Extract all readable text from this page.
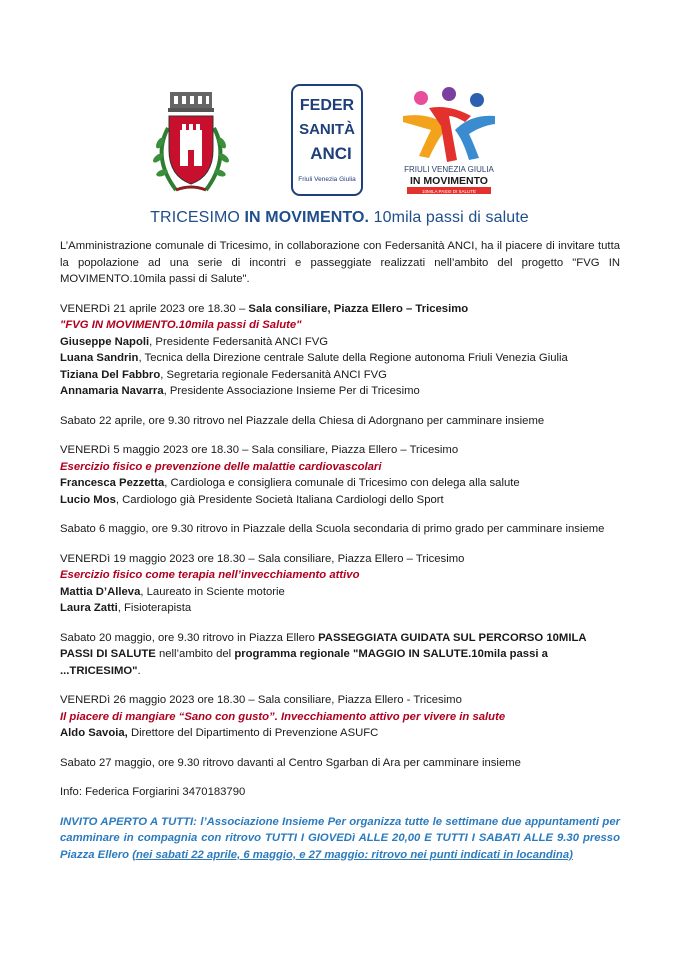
FEDER
SANITÀ
ANCI
Friuli Venezia Giulia
FRIULI VENEZIA GIULIA
IN MOVIMENTO
10MILA PASSI DI SALUTE
TRICESIMO IN MOVIMENTO. 10mila passi di salute

L’Amministrazione comunale di Tricesimo, in collaborazione con Federsanità ANCI, ha il piacere di invitare tutta la popolazione ad una serie di incontri e passeggiate realizzati nell’ambito del progetto "FVG IN MOVIMENTO.10mila passi di Salute".

VENERDì 21 aprile 2023 ore 18.30 – Sala consiliare, Piazza Ellero – Tricesimo

"FVG IN MOVIMENTO.10mila passi di Salute"

Giuseppe Napoli, Presidente Federsanità ANCI FVG

Luana Sandrin, Tecnica della Direzione centrale Salute della Regione autonoma Friuli Venezia Giulia

Tiziana Del Fabbro, Segretaria regionale Federsanità ANCI FVG

Annamaria Navarra, Presidente Associazione Insieme Per di Tricesimo

Sabato 22 aprile, ore 9.30 ritrovo nel Piazzale della Chiesa di Adorgnano per camminare insieme

VENERDì 5 maggio 2023 ore 18.30 – Sala consiliare, Piazza Ellero – Tricesimo

Esercizio fisico e prevenzione delle malattie cardiovascolari

Francesca Pezzetta, Cardiologa e consigliera comunale di Tricesimo con delega alla salute

Lucio Mos, Cardiologo già Presidente Società Italiana Cardiologi dello Sport

Sabato 6 maggio, ore 9.30 ritrovo in Piazzale della Scuola secondaria di primo grado per camminare insieme

VENERDì 19 maggio 2023 ore 18.30 – Sala consiliare, Piazza Ellero – Tricesimo

Esercizio fisico come terapia nell’invecchiamento attivo

Mattia D’Alleva, Laureato in Sciente motorie

Laura Zatti, Fisioterapista

Sabato 20 maggio, ore 9.30 ritrovo in Piazza Ellero PASSEGGIATA GUIDATA SUL PERCORSO 10MILA PASSI DI SALUTE nell’ambito del programma regionale "MAGGIO IN SALUTE.10mila passi a ...TRICESIMO".

VENERDì 26 maggio 2023 ore 18.30 – Sala consiliare, Piazza Ellero - Tricesimo

Il piacere di mangiare “Sano con gusto”. Invecchiamento attivo per vivere in salute

Aldo Savoia, Direttore del Dipartimento di Prevenzione ASUFC

Sabato 27 maggio, ore 9.30 ritrovo davanti al Centro Sgarban di Ara per camminare insieme

Info: Federica Forgiarini 3470183790

INVITO APERTO A TUTTI: l’Associazione Insieme Per organizza tutte le settimane due appuntamenti per camminare in compagnia con ritrovo TUTTI I GIOVEDì ALLE 20,00 E TUTTI I SABATI ALLE 9.30 presso Piazza Ellero (nei sabati 22 aprile, 6 maggio, e 27 maggio: ritrovo nei punti indicati in locandina)
